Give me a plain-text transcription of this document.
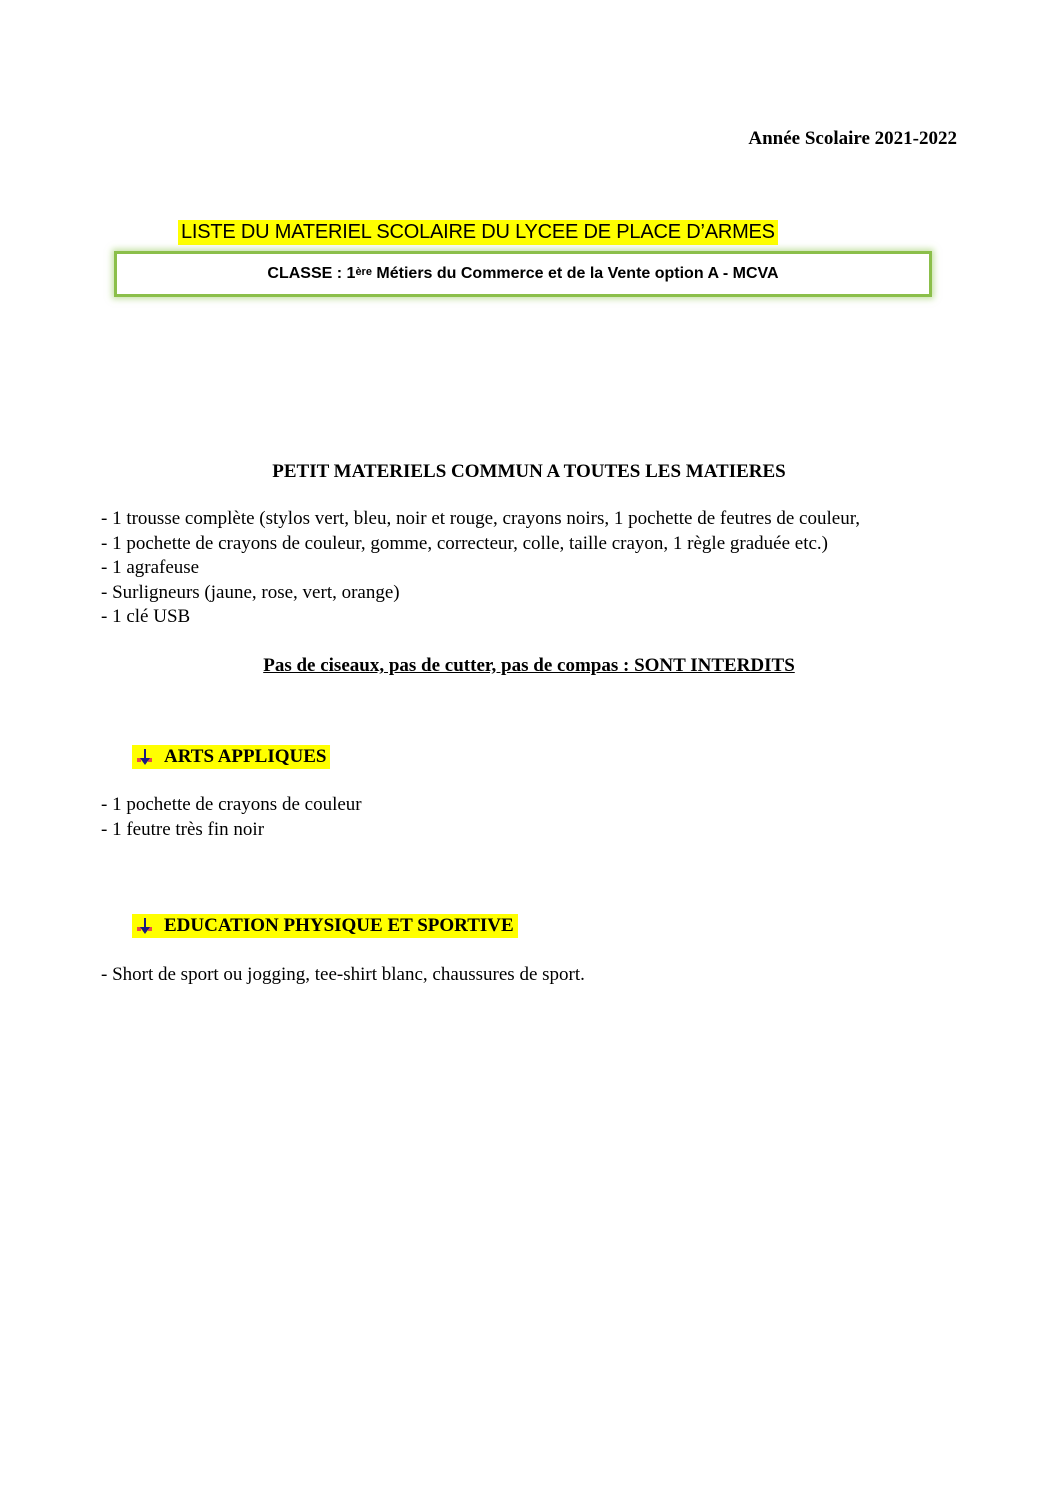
Année Scolaire 2021-2022
LISTE DU MATERIEL SCOLAIRE DU LYCEE DE PLACE D’ARMES
CLASSE : 1ère Métiers du Commerce et de la Vente option A - MCVA
PETIT MATERIELS COMMUN A TOUTES LES MATIERES
- 1 trousse complète (stylos vert, bleu, noir et rouge, crayons noirs, 1 pochette de feutres de couleur,
- 1 pochette de crayons de couleur, gomme, correcteur, colle, taille crayon, 1 règle graduée etc.)
- 1 agrafeuse
- Surligneurs (jaune, rose, vert, orange)
- 1 clé USB
Pas de ciseaux, pas de cutter, pas de compas : SONT INTERDITS
ARTS APPLIQUES
- 1 pochette de crayons de couleur
- 1 feutre très fin noir
EDUCATION PHYSIQUE ET SPORTIVE
- Short de sport ou jogging, tee-shirt blanc, chaussures de sport.
